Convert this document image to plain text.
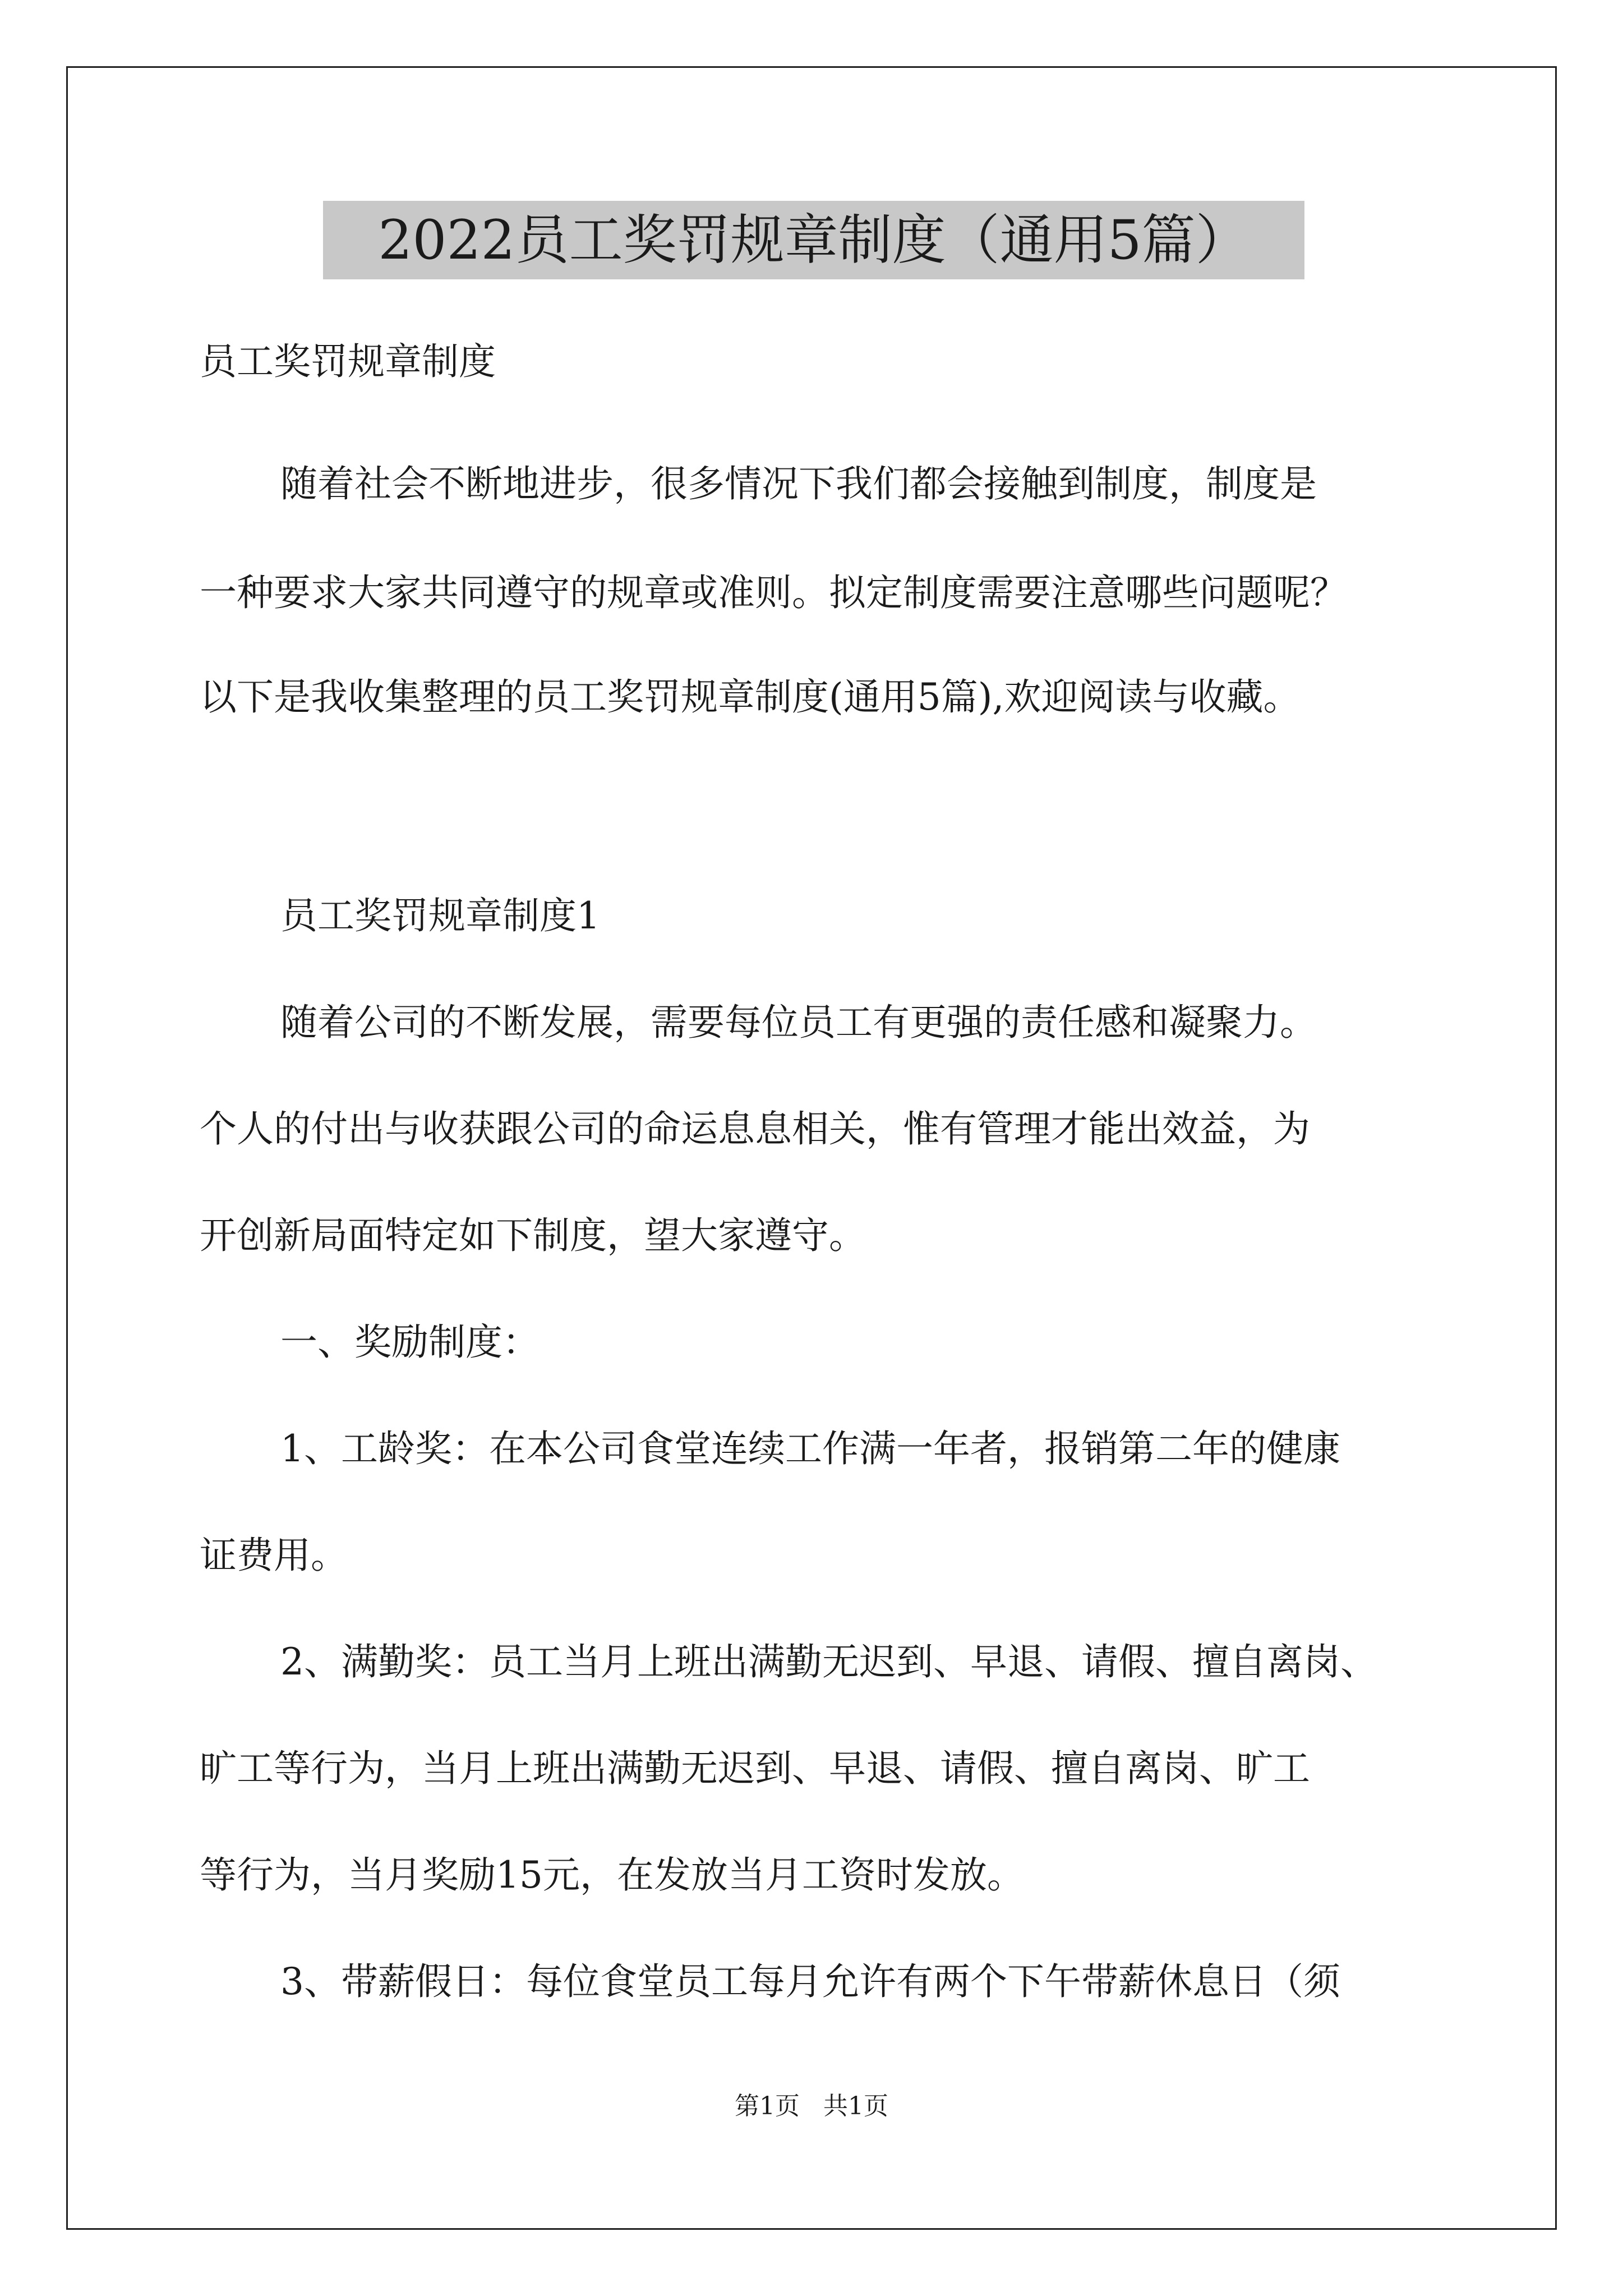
2022员工奖罚规章制度（通用5篇）

员工奖罚规章制度

随着社会不断地进步，很多情况下我们都会接触到制度，制度是

一种要求大家共同遵守的规章或准则。拟定制度需要注意哪些问题呢？

以下是我收集整理的员工奖罚规章制度(通用5篇),欢迎阅读与收藏。

员工奖罚规章制度1

随着公司的不断发展，需要每位员工有更强的责任感和凝聚力。

个人的付出与收获跟公司的命运息息相关，惟有管理才能出效益，为

开创新局面特定如下制度，望大家遵守。

一、奖励制度：

1、工龄奖：在本公司食堂连续工作满一年者，报销第二年的健康

证费用。

2、满勤奖：员工当月上班出满勤无迟到、早退、请假、擅自离岗、

旷工等行为，当月上班出满勤无迟到、早退、请假、擅自离岗、旷工

等行为，当月奖励15元，在发放当月工资时发放。

3、带薪假日：每位食堂员工每月允许有两个下午带薪休息日（须

第1页   共1页
